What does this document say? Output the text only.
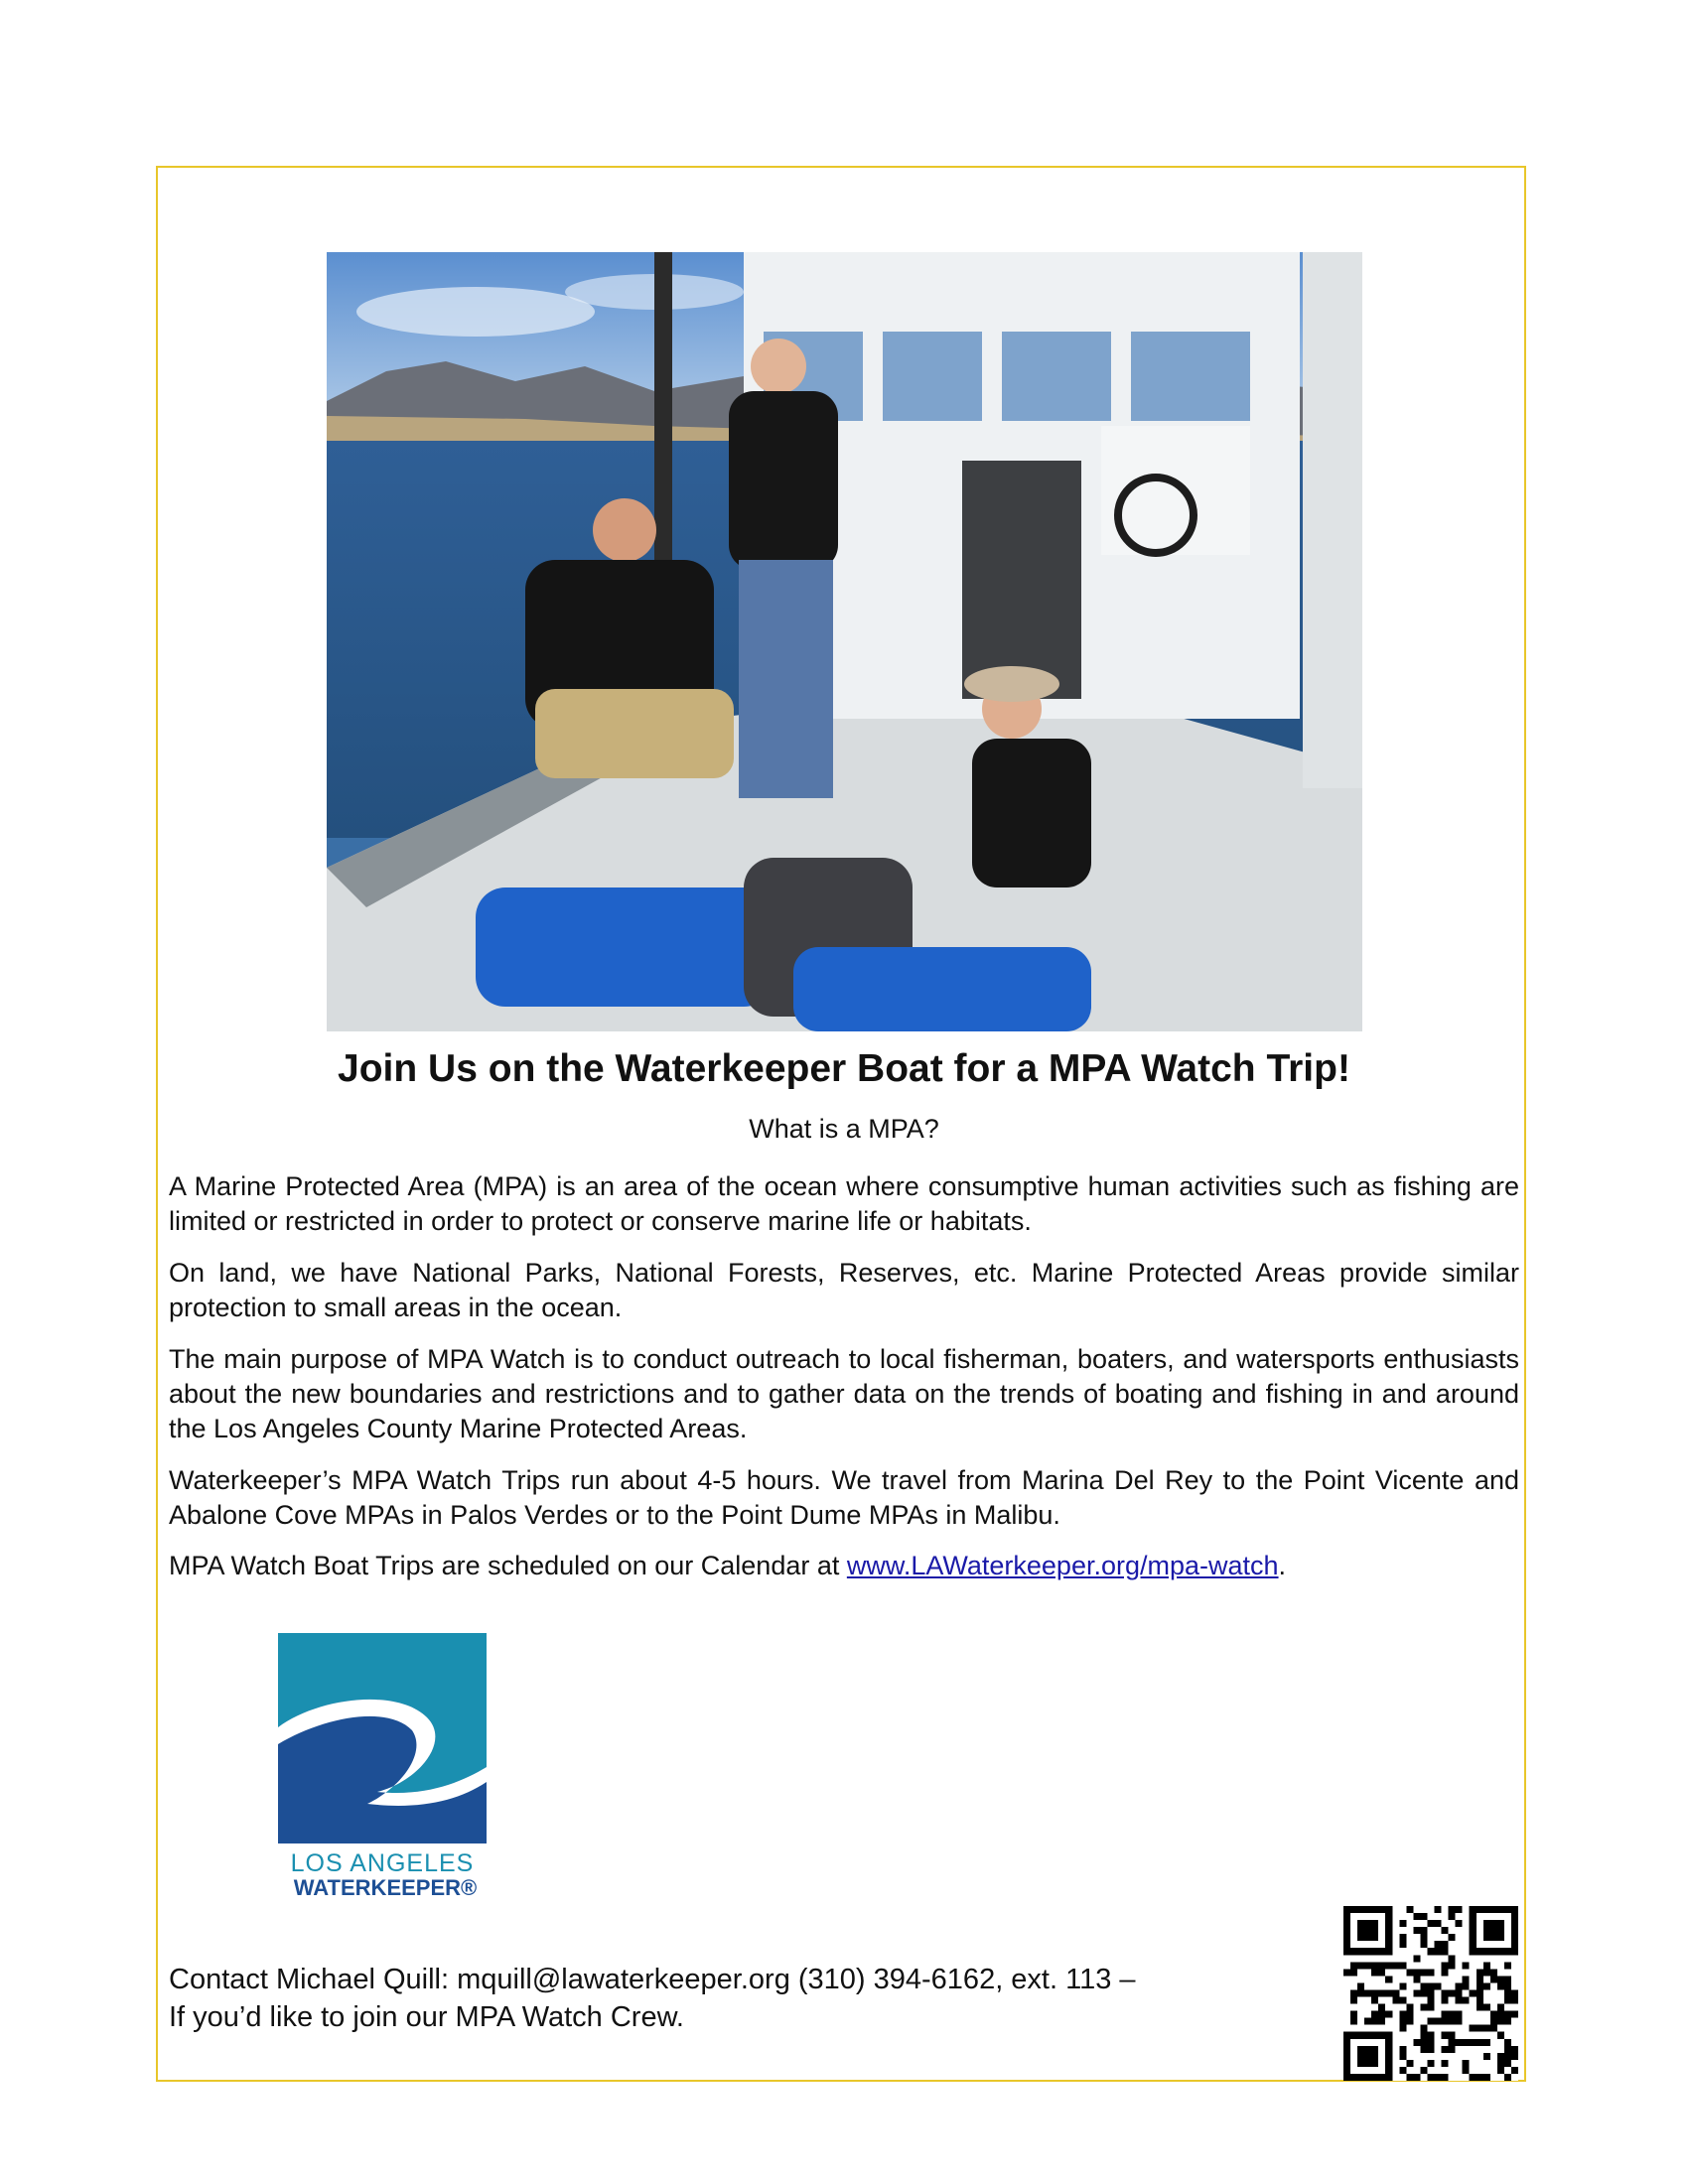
Join Us on the Waterkeeper Boat for a MPA Watch Trip!
What is a MPA?
A Marine Protected Area (MPA) is an area of the ocean where consumptive human activities such as fishing are limited or restricted in order to protect or conserve marine life or habitats.
On land, we have National Parks, National Forests, Reserves, etc. Marine Protected Areas provide similar protection to small areas in the ocean.
The main purpose of MPA Watch is to conduct outreach to local fisherman, boaters, and watersports enthusiasts about the new boundaries and restrictions and to gather data on the trends of boating and fishing in and around the Los Angeles County Marine Protected Areas.
Waterkeeper’s MPA Watch Trips run about 4-5 hours. We travel from Marina Del Rey to the Point Vicente and Abalone Cove MPAs in Palos Verdes or to the Point Dume MPAs in Malibu.
MPA Watch Boat Trips are scheduled on our Calendar at www.LAWaterkeeper.org/mpa-watch.
LOS ANGELES
WATERKEEPER®
Contact Michael Quill: mquill@lawaterkeeper.org (310) 394-6162, ext. 113 –
If you’d like to join our MPA Watch Crew.
